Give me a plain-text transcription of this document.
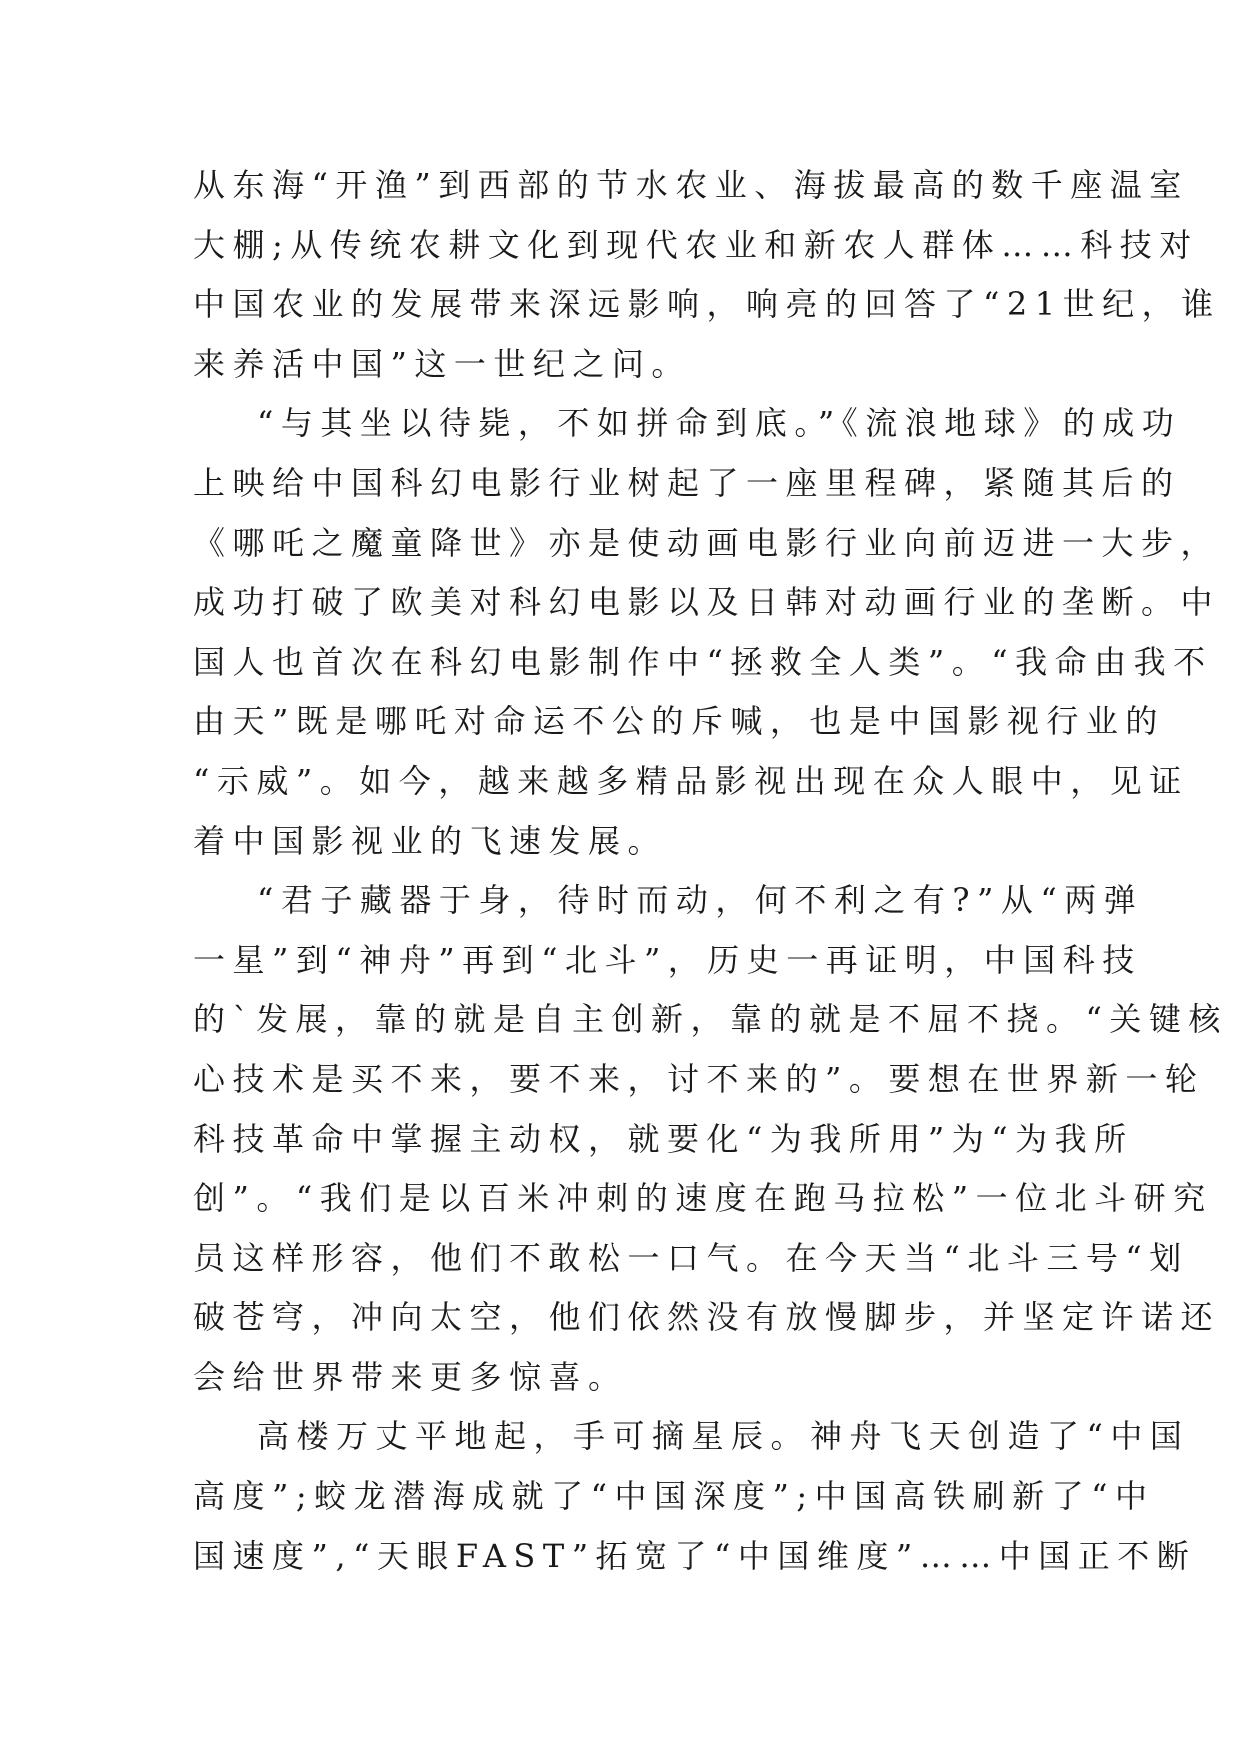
从东海“开渔”到西部的节水农业、海拔最高的数千座温室
大棚;从传统农耕文化到现代农业和新农人群体……科技对
中国农业的发展带来深远影响，响亮的回答了“21世纪，谁
来养活中国”这一世纪之问。
“与其坐以待毙，不如拼命到底。”《流浪地球》的成功
上映给中国科幻电影行业树起了一座里程碑，紧随其后的
《哪吒之魔童降世》亦是使动画电影行业向前迈进一大步，
成功打破了欧美对科幻电影以及日韩对动画行业的垄断。中
国人也首次在科幻电影制作中“拯救全人类”。“我命由我不
由天”既是哪吒对命运不公的斥喊，也是中国影视行业的
“示威”。如今，越来越多精品影视出现在众人眼中，见证
着中国影视业的飞速发展。
“君子藏器于身，待时而动，何不利之有?”从“两弹
一星”到“神舟”再到“北斗”，历史一再证明，中国科技
的`发展，靠的就是自主创新，靠的就是不屈不挠。“关键核
心技术是买不来，要不来，讨不来的”。要想在世界新一轮
科技革命中掌握主动权，就要化“为我所用”为“为我所
创”。“我们是以百米冲刺的速度在跑马拉松”一位北斗研究
员这样形容，他们不敢松一口气。在今天当“北斗三号“划
破苍穹，冲向太空，他们依然没有放慢脚步，并坚定许诺还
会给世界带来更多惊喜。
高楼万丈平地起，手可摘星辰。神舟飞天创造了“中国
高度”;蛟龙潜海成就了“中国深度”;中国高铁刷新了“中
国速度”,“天眼FAST”拓宽了“中国维度”……中国正不断
